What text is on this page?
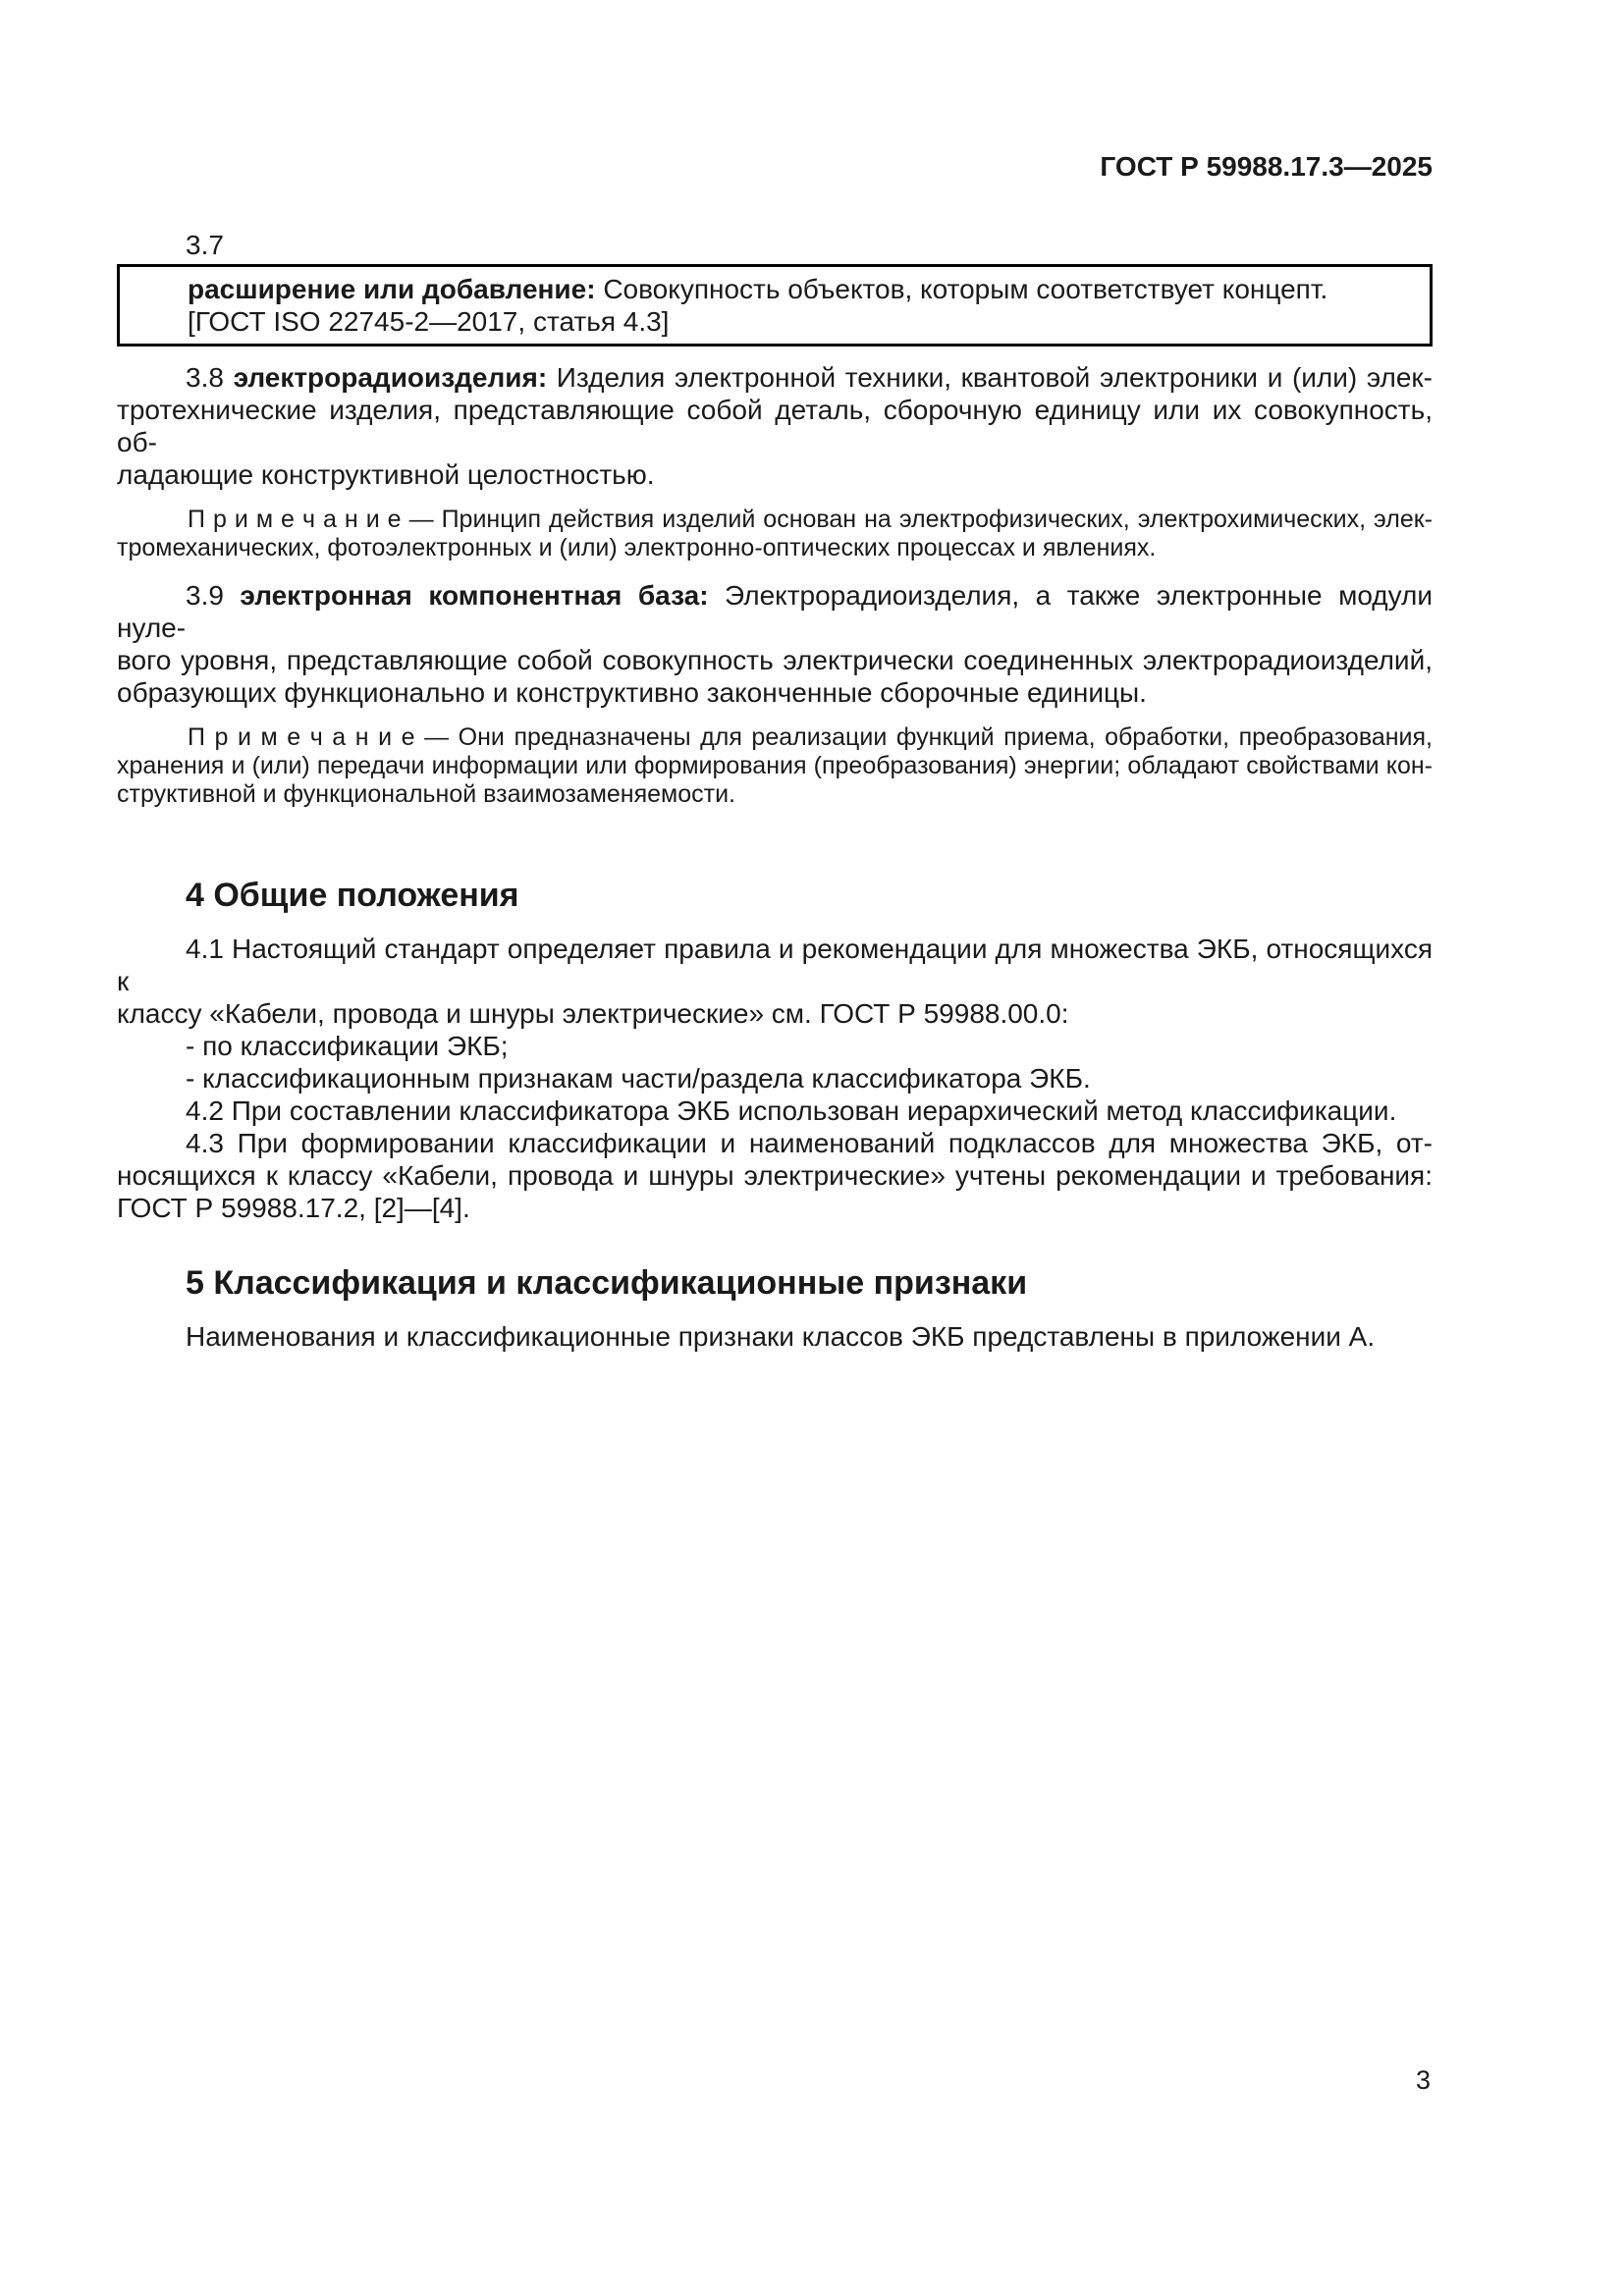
ГОСТ Р 59988.17.3—2025
3.7
расширение или добавление: Совокупность объектов, которым соответствует концепт.
[ГОСТ ISO 22745-2—2017, статья 4.3]
3.8 электрорадиоизделия: Изделия электронной техники, квантовой электроники и (или) элек-
тротехнические изделия, представляющие собой деталь, сборочную единицу или их совокупность, об-
ладающие конструктивной целостностью.
П р и м е ч а н и е — Принцип действия изделий основан на электрофизических, электрохимических, элек-
тромеханических, фотоэлектронных и (или) электронно-оптических процессах и явлениях.
3.9 электронная компонентная база: Электрорадиоизделия, а также электронные модули нуле-
вого уровня, представляющие собой совокупность электрически соединенных электрорадиоизделий,
образующих функционально и конструктивно законченные сборочные единицы.
П р и м е ч а н и е — Они предназначены для реализации функций приема, обработки, преобразования,
хранения и (или) передачи информации или формирования (преобразования) энергии; обладают свойствами кон-
структивной и функциональной взаимозаменяемости.
4 Общие положения
4.1 Настоящий стандарт определяет правила и рекомендации для множества ЭКБ, относящихся к
классу «Кабели, провода и шнуры электрические» см. ГОСТ Р 59988.00.0:
- по классификации ЭКБ;
- классификационным признакам части/раздела классификатора ЭКБ.
4.2 При составлении классификатора ЭКБ использован иерархический метод классификации.
4.3 При формировании классификации и наименований подклассов для множества ЭКБ, от-
носящихся к классу «Кабели, провода и шнуры электрические» учтены рекомендации и требования:
ГОСТ Р 59988.17.2, [2]—[4].
5 Классификация и классификационные признаки
Наименования и классификационные признаки классов ЭКБ представлены в приложении А.
3
